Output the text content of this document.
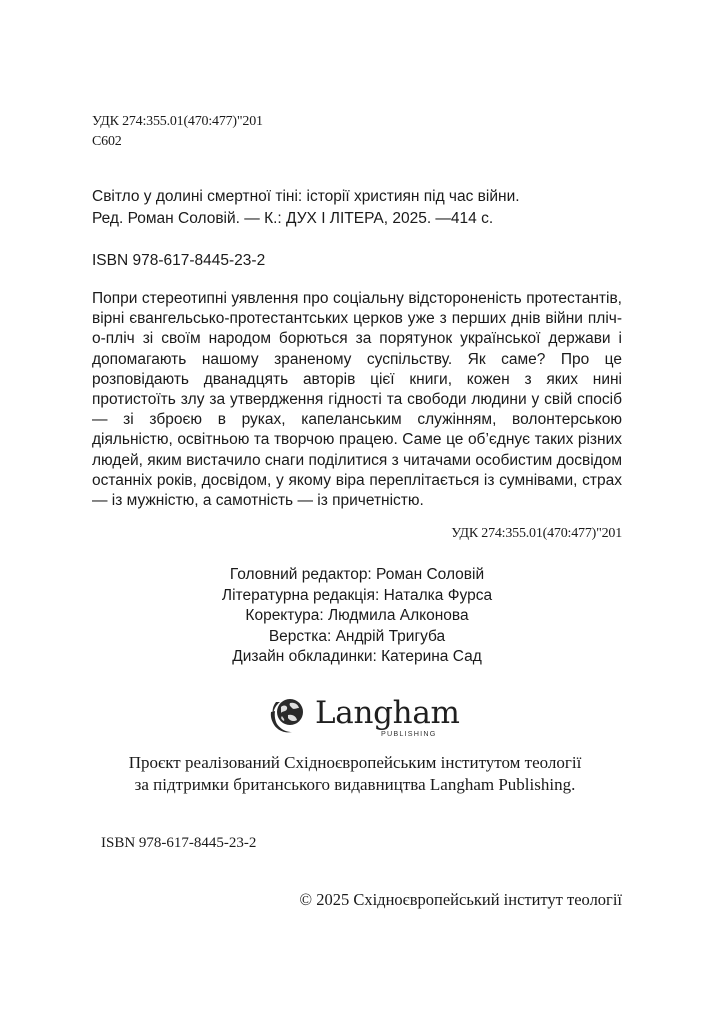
УДК 274:355.01(470:477)"201
С602
Світло у долині смертної тіні: історії християн під час війни.
Ред. Роман Соловій. — К.: ДУХ І ЛІТЕРА, 2025. —414 с.
ISBN 978-617-8445-23-2
Попри стереотипні уявлення про соціальну відстороненість протестантів, вірні євангельсько-протестантських церков уже з перших днів війни пліч-о-пліч зі своїм народом борються за порятунок української держави і допомагають нашому зраненому суспільству. Як саме? Про це розповідають дванадцять авторів цієї книги, кожен з яких нині протистоїть злу за утвердження гідності та свободи людини у свій спосіб — зі зброєю в руках, капеланським служінням, волонтерською діяльністю, освітньою та творчою працею. Саме це об’єднує таких різних людей, яким вистачило снаги поділитися з читачами особистим досвідом останніх років, досвідом, у якому віра переплітається із сумнівами, страх — із мужністю, а самотність — із причетністю.
УДК 274:355.01(470:477)"201
Головний редактор: Роман Соловій
Літературна редакція: Наталка Фурса
Коректура: Людмила Алконова
Верстка: Андрій Тригуба
Дизайн обкладинки: Катерина Сад
Langham
PUBLISHING
Проєкт реалізований Східноєвропейським інститутом теології
за підтримки британського видавництва Langham Publishing.
ISBN 978-617-8445-23-2
© 2025 Східноєвропейський інститут теології
